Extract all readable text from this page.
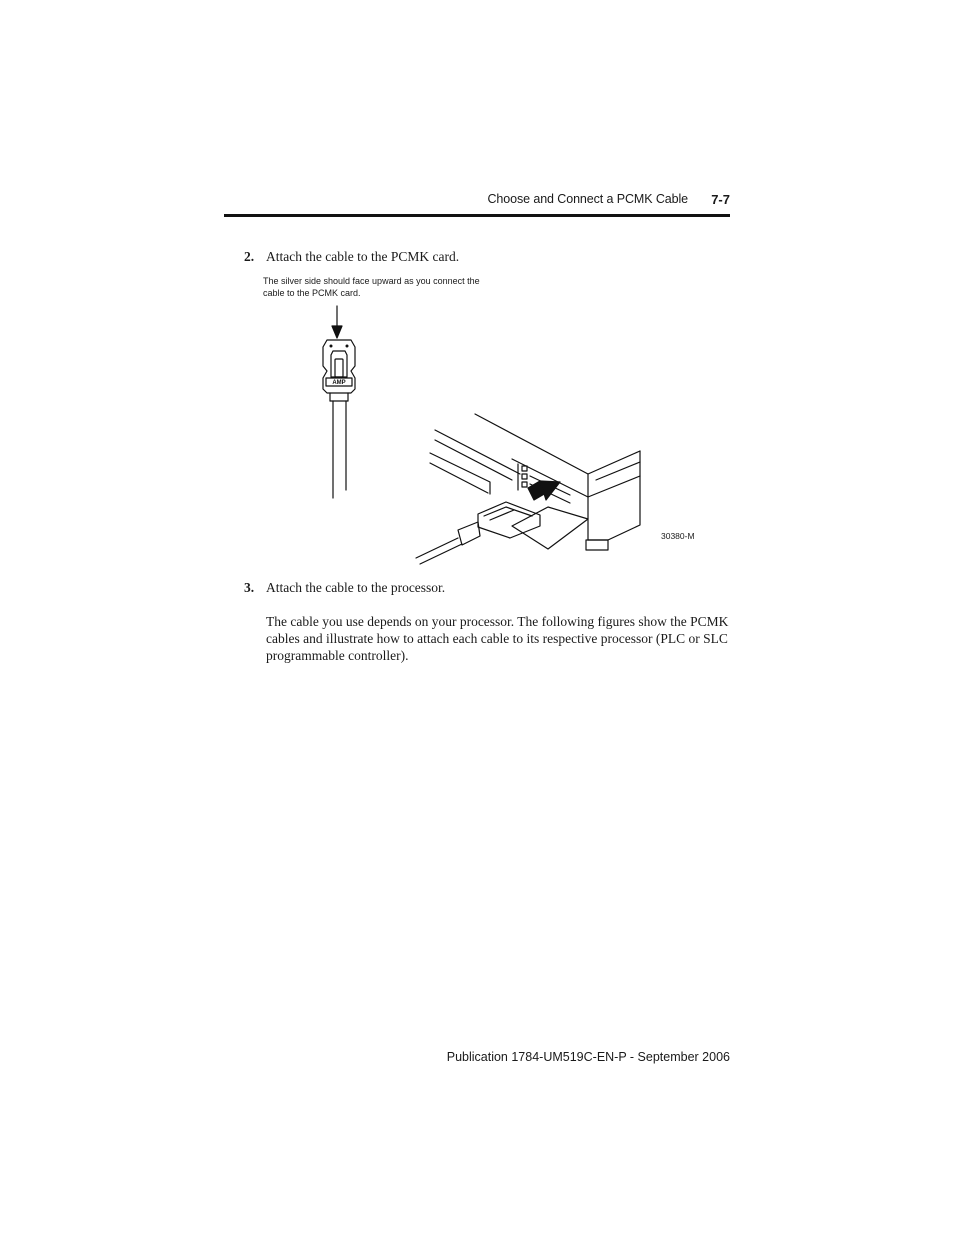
Choose and Connect a PCMK Cable	7-7
2. Attach the cable to the PCMK card.
The silver side should face upward as you connect the cable to the PCMK card.
AMP
30380-M
3. Attach the cable to the processor.
The cable you use depends on your processor. The following figures show the PCMK cables and illustrate how to attach each cable to its respective processor (PLC or SLC programmable controller).
Publication 1784-UM519C-EN-P - September 2006
